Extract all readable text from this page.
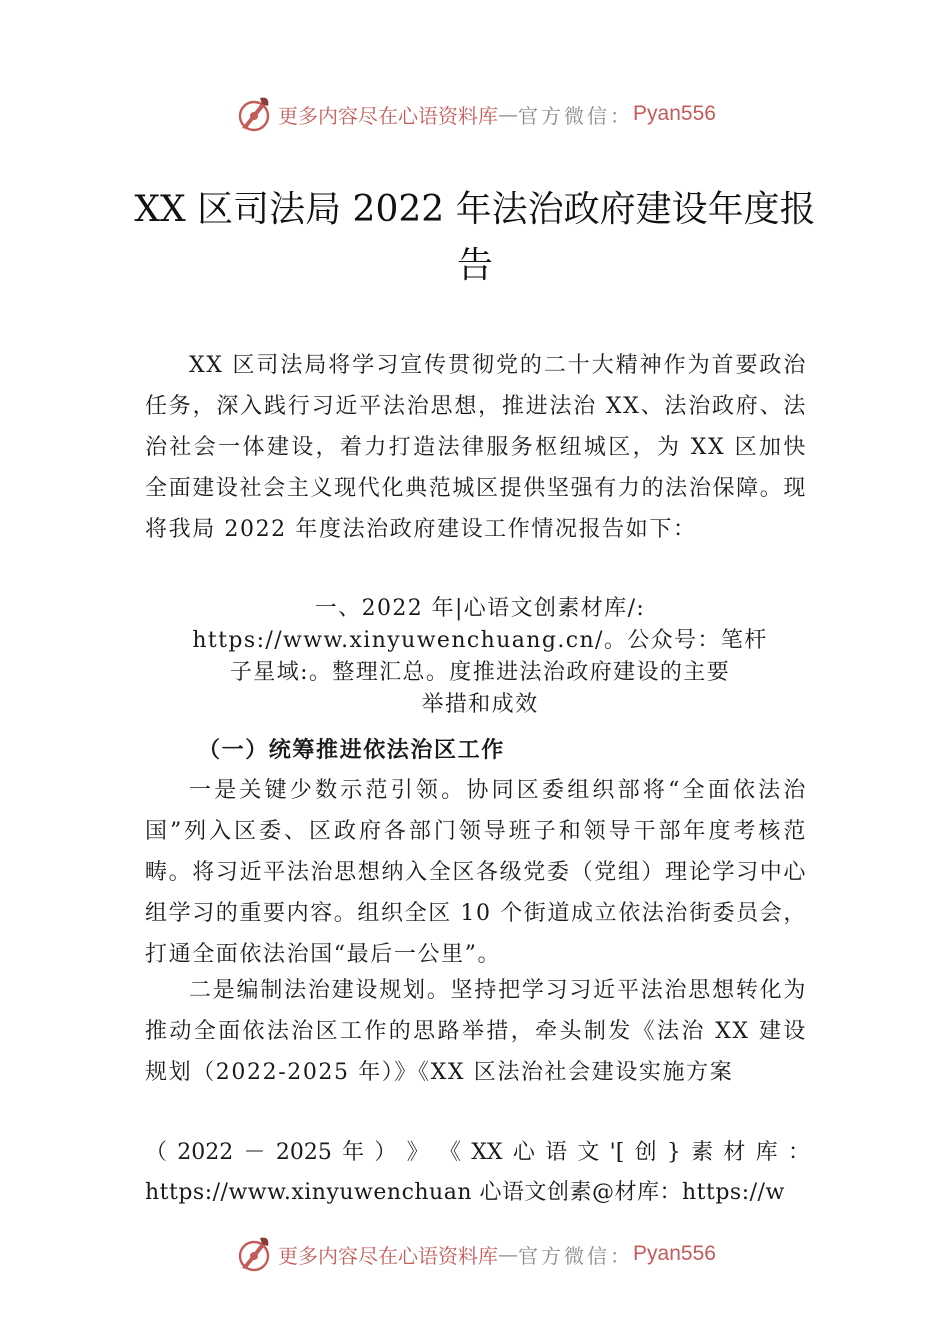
更多内容尽在心语资料库 — 官方微信： Pyan556
XX 区司法局 2022 年法治政府建设年度报
告

XX 区司法局将学习宣传贯彻党的二十大精神作为首要政治任务，深入践行习近平法治思想，推进法治 XX、法治政府、法治社会一体建设，着力打造法律服务枢纽城区，为 XX 区加快全面建设社会主义现代化典范城区提供坚强有力的法治保障。现将我局 2022 年度法治政府建设工作情况报告如下：

一、2022 年|心语文创素材库/:
https://www.xinyuwenchuang.cn/。公众号：笔杆
子星域:。整理汇总。度推进法治政府建设的主要
举措和成效
（一）统筹推进依法治区工作

一是关键少数示范引领。协同区委组织部将“全面依法治国”列入区委、区政府各部门领导班子和领导干部年度考核范畴。将习近平法治思想纳入全区各级党委（党组）理论学习中心组学习的重要内容。组织全区 10 个街道成立依法治街委员会，打通全面依法治国“最后一公里”。

二是编制法治建设规划。坚持把学习习近平法治思想转化为推动全面依法治区工作的思路举措，牵头制发《法治 XX 建设规划（2022-2025 年）》《XX 区法治社会建设实施方案

（ 2022 － 2025 年 ） 》 《 XX 心 语 文 '[ 创 } 素 材 库 ：
https://www.xinyuwenchuan 心语文创素@材库：https://w
更多内容尽在心语资料库 — 官方微信： Pyan556
